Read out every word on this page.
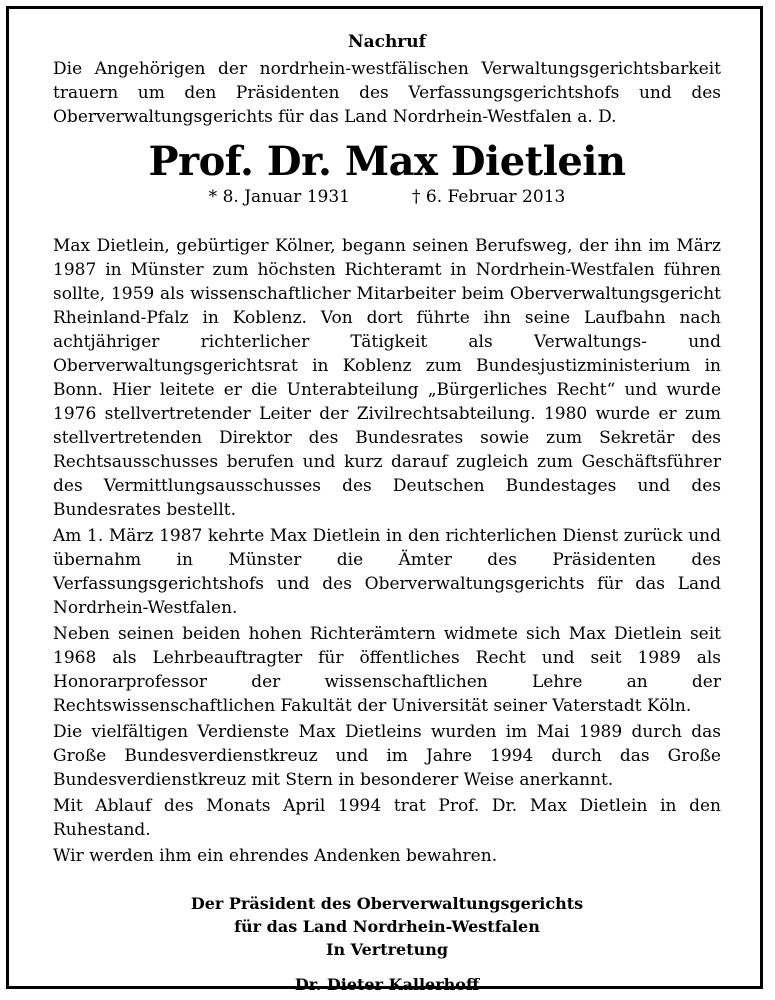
Nachruf

Die Angehörigen der nordrhein-westfälischen Verwaltungsgerichtsbarkeit trauern um den Präsidenten des Verfassungsgerichtshofs und des Oberverwaltungsgerichts für das Land Nordrhein-Westfalen a. D.

Prof. Dr. Max Dietlein
* 8. Januar 1931	† 6. Februar 2013

Max Dietlein, gebürtiger Kölner, begann seinen Berufsweg, der ihn im März 1987 in Münster zum höchsten Richteramt in Nordrhein-Westfalen führen sollte, 1959 als wissenschaftlicher Mitarbeiter beim Oberverwaltungsgericht Rheinland-Pfalz in Koblenz. Von dort führte ihn seine Laufbahn nach achtjähriger richterlicher Tätigkeit als Verwaltungs- und Oberverwaltungsgerichtsrat in Koblenz zum Bundesjustizministerium in Bonn. Hier leitete er die Unterabteilung „Bürgerliches Recht“ und wurde 1976 stellvertretender Leiter der Zivilrechtsabteilung. 1980 wurde er zum stellvertretenden Direktor des Bundesrates sowie zum Sekretär des Rechtsausschusses berufen und kurz darauf zugleich zum Geschäftsführer des Vermittlungsausschusses des Deutschen Bundestages und des Bundesrates bestellt.

Am 1. März 1987 kehrte Max Dietlein in den richterlichen Dienst zurück und übernahm in Münster die Ämter des Präsidenten des Verfassungsgerichtshofs und des Oberverwaltungsgerichts für das Land Nordrhein-Westfalen.

Neben seinen beiden hohen Richterämtern widmete sich Max Dietlein seit 1968 als Lehrbeauftragter für öffentliches Recht und seit 1989 als Honorarprofessor der wissenschaftlichen Lehre an der Rechtswissenschaftlichen Fakultät der Universität seiner Vaterstadt Köln.

Die vielfältigen Verdienste Max Dietleins wurden im Mai 1989 durch das Große Bundesverdienstkreuz und im Jahre 1994 durch das Große Bundesverdienstkreuz mit Stern in besonderer Weise anerkannt.

Mit Ablauf des Monats April 1994 trat Prof. Dr. Max Dietlein in den Ruhestand.

Wir werden ihm ein ehrendes Andenken bewahren.

Der Präsident des Oberverwaltungsgerichts
für das Land Nordrhein-Westfalen
In Vertretung
Dr. Dieter Kallerhoff
